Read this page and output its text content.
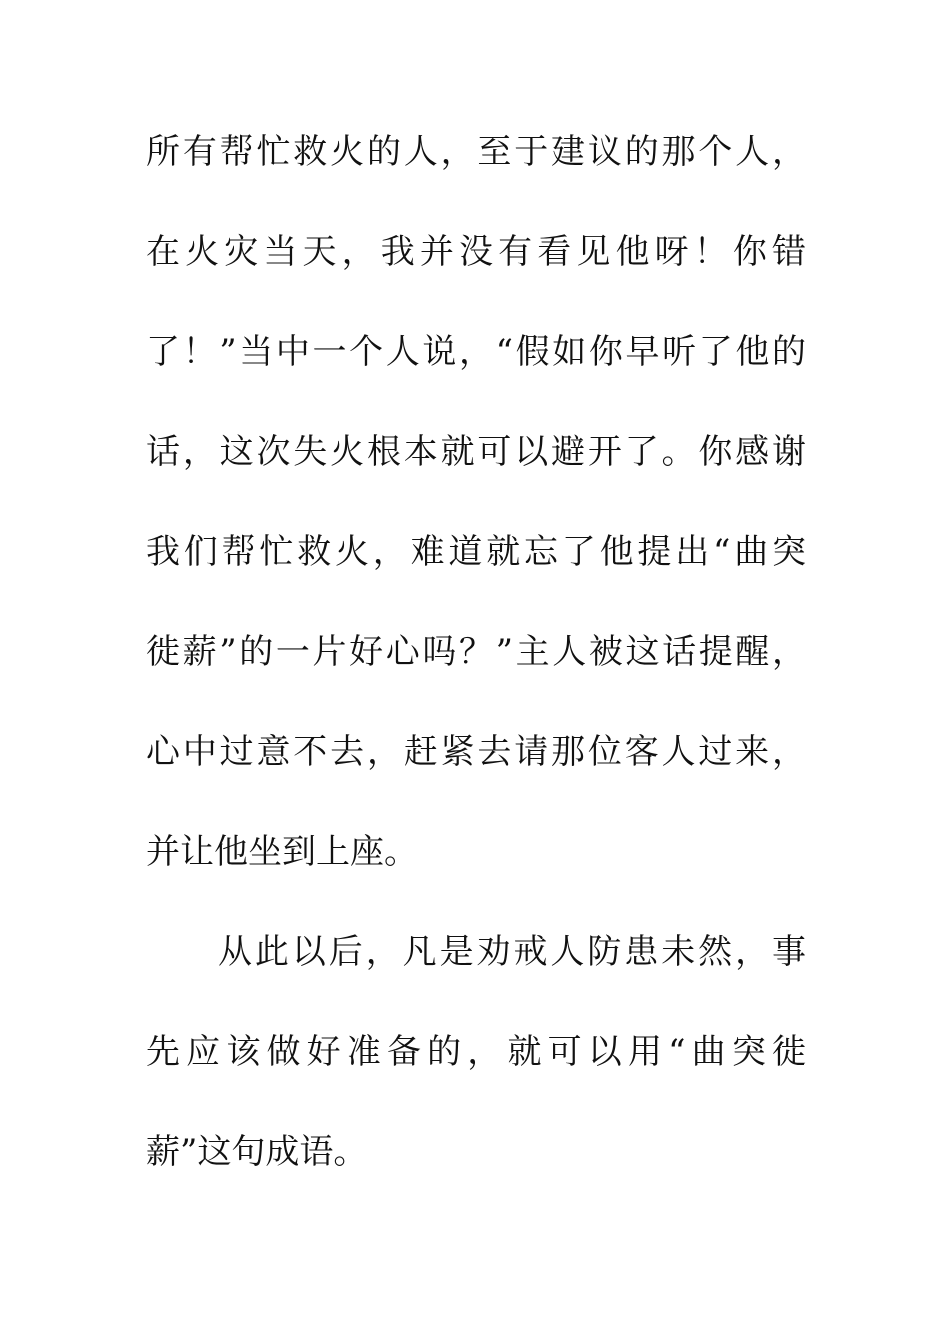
所有帮忙救火的人，至于建议的那个人，
在火灾当天，我并没有看见他呀！你错
了！”当中一个人说，“假如你早听了他的
话，这次失火根本就可以避开了。你感谢
我们帮忙救火，难道就忘了他提出“曲突
徙薪”的一片好心吗？”主人被这话提醒，
心中过意不去，赶紧去请那位客人过来，
并让他坐到上座。
从此以后，凡是劝戒人防患未然，事
先应该做好准备的，就可以用“曲突徙
薪”这句成语。
